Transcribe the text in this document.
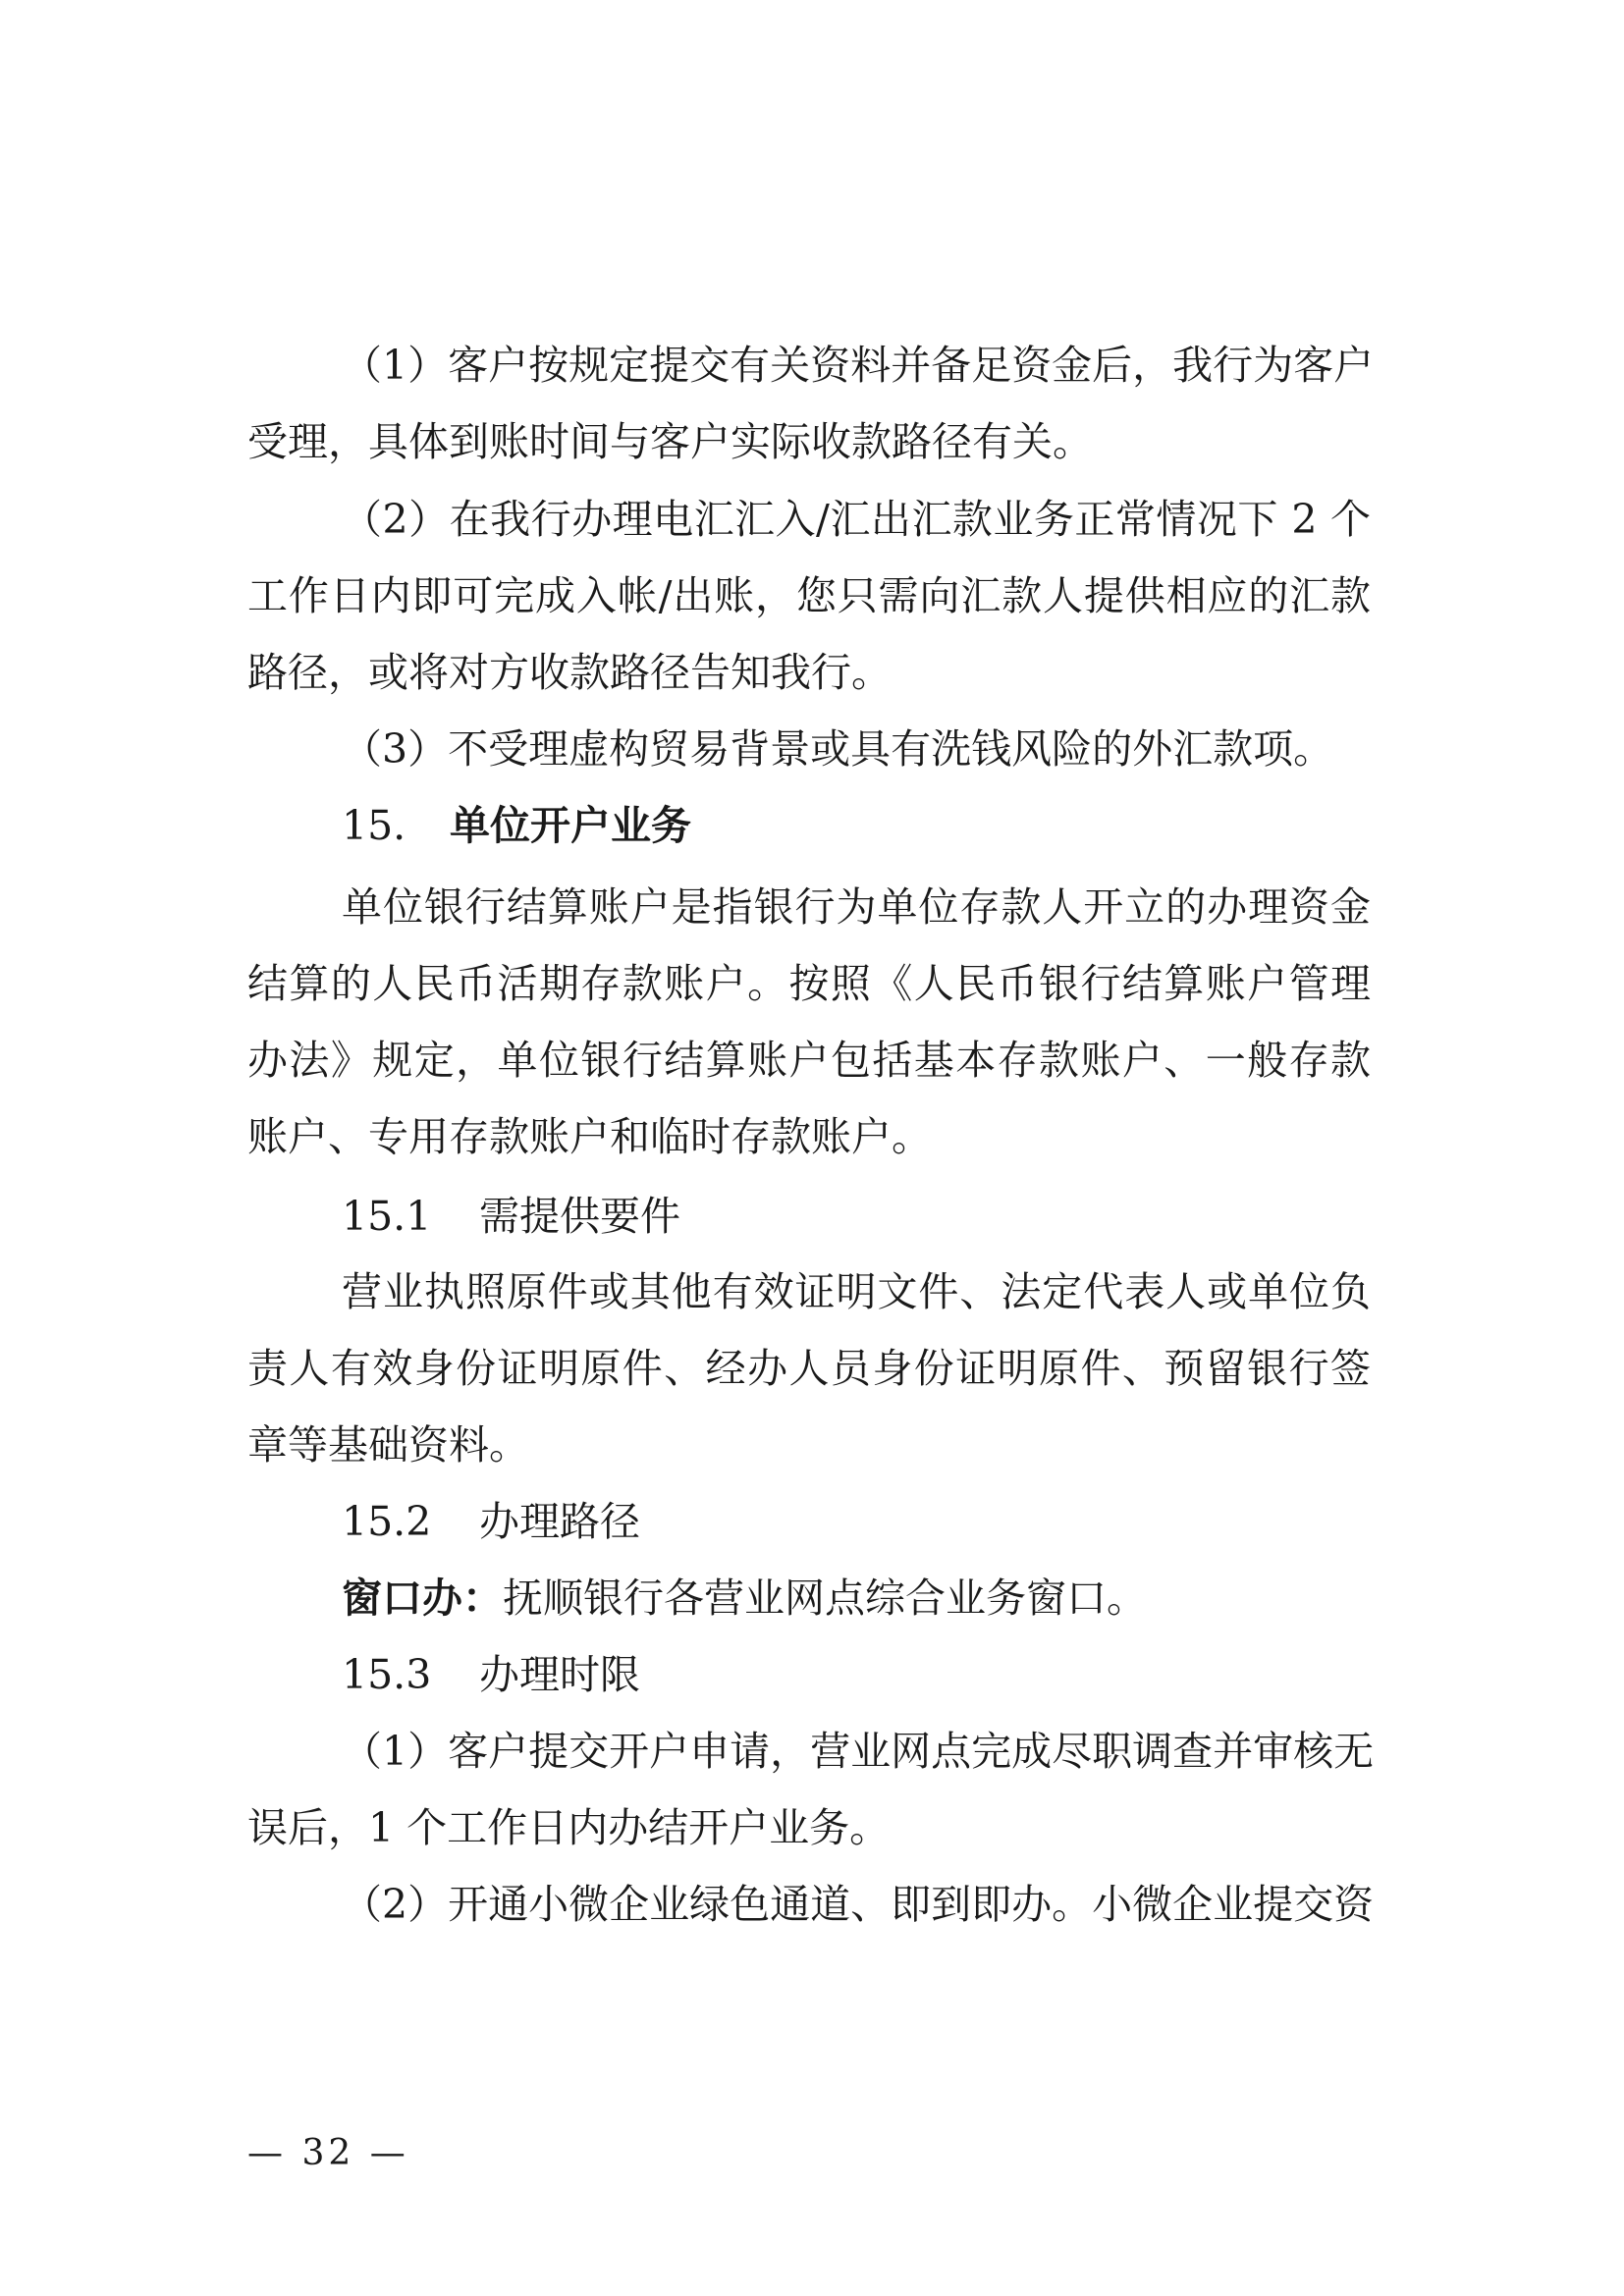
（1）客户按规定提交有关资料并备足资金后，我行为客户
受理，具体到账时间与客户实际收款路径有关。
（2）在我行办理电汇汇入/汇出汇款业务正常情况下 2 个
工作日内即可完成入帐/出账，您只需向汇款人提供相应的汇款
路径，或将对方收款路径告知我行。
（3）不受理虚构贸易背景或具有洗钱风险的外汇款项。
15. 单位开户业务
单位银行结算账户是指银行为单位存款人开立的办理资金
结算的人民币活期存款账户。按照《人民币银行结算账户管理
办法》规定，单位银行结算账户包括基本存款账户、一般存款
账户、专用存款账户和临时存款账户。
15.1 需提供要件
营业执照原件或其他有效证明文件、法定代表人或单位负
责人有效身份证明原件、经办人员身份证明原件、预留银行签
章等基础资料。
15.2 办理路径
窗口办：抚顺银行各营业网点综合业务窗口。
15.3 办理时限
（1）客户提交开户申请，营业网点完成尽职调查并审核无
误后，1 个工作日内办结开户业务。
（2）开通小微企业绿色通道、即到即办。小微企业提交资
— 32 —
